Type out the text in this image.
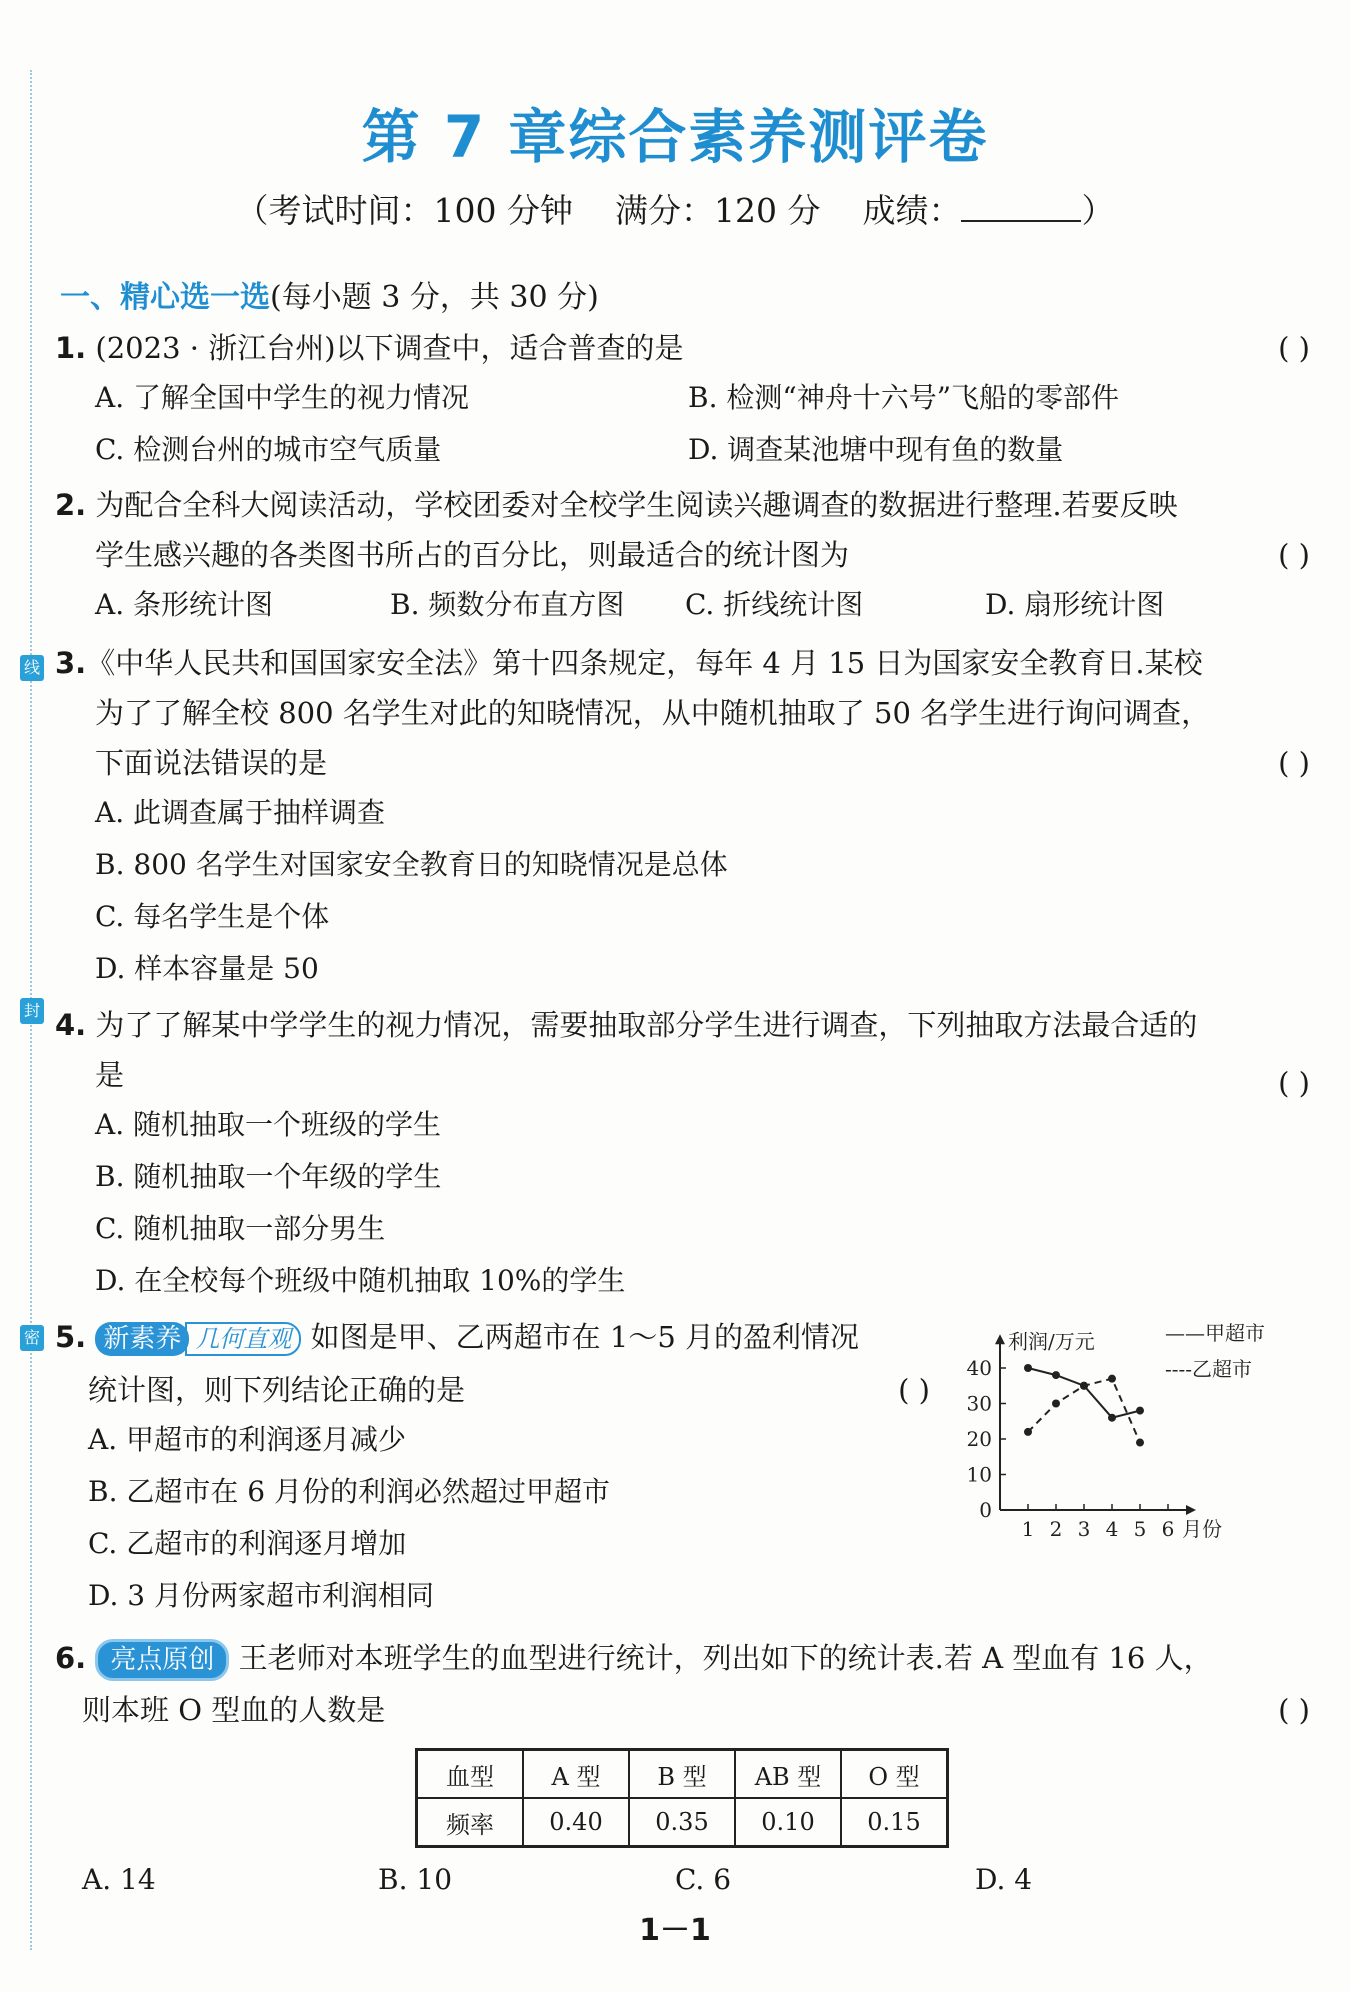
线
封
密
第 7 章综合素养测评卷
（考试时间：100 分钟 满分：120 分 成绩：	）
一、精心选一选(每小题 3 分，共 30 分)
1. (2023 · 浙江台州)以下调查中，适合普查的是	( )
A. 了解全国中学生的视力情况	B. 检测“神舟十六号”飞船的零部件
C. 检测台州的城市空气质量	D. 调查某池塘中现有鱼的数量
2. 为配合全科大阅读活动，学校团委对全校学生阅读兴趣调查的数据进行整理.若要反映
学生感兴趣的各类图书所占的百分比，则最适合的统计图为	( )
A. 条形统计图	B. 频数分布直方图 C. 折线统计图	D. 扇形统计图
3.《中华人民共和国国家安全法》第十四条规定，每年 4 月 15 日为国家安全教育日.某校
为了了解全校 800 名学生对此的知晓情况，从中随机抽取了 50 名学生进行询问调查，
下面说法错误的是	( )
A. 此调查属于抽样调查
B. 800 名学生对国家安全教育日的知晓情况是总体
C. 每名学生是个体
D. 样本容量是 50
4. 为了了解某中学学生的视力情况，需要抽取部分学生进行调查，下列抽取方法最合适的
是	( )
A. 随机抽取一个班级的学生
B. 随机抽取一个年级的学生
C. 随机抽取一部分男生
D. 在全校每个班级中随机抽取 10%的学生
5. 新素养 几何直观 如图是甲、乙两超市在 1～5 月的盈利情况
统计图，则下列结论正确的是	( )
A. 甲超市的利润逐月减少
B. 乙超市在 6 月份的利润必然超过甲超市
C. 乙超市的利润逐月增加
D. 3 月份两家超市利润相同
0
10
20
30
40
1 2 3 4 5 6
利润/万元
月份
——甲超市
----乙超市
6. 亮点原创 王老师对本班学生的血型进行统计，列出如下的统计表.若 A 型血有 16 人，
则本班 O 型血的人数是	( )
血型	A 型	B 型	AB 型	O 型
频率	0.40	0.35	0.10	0.15
A. 14	B. 10	C. 6	D. 4
1－1
